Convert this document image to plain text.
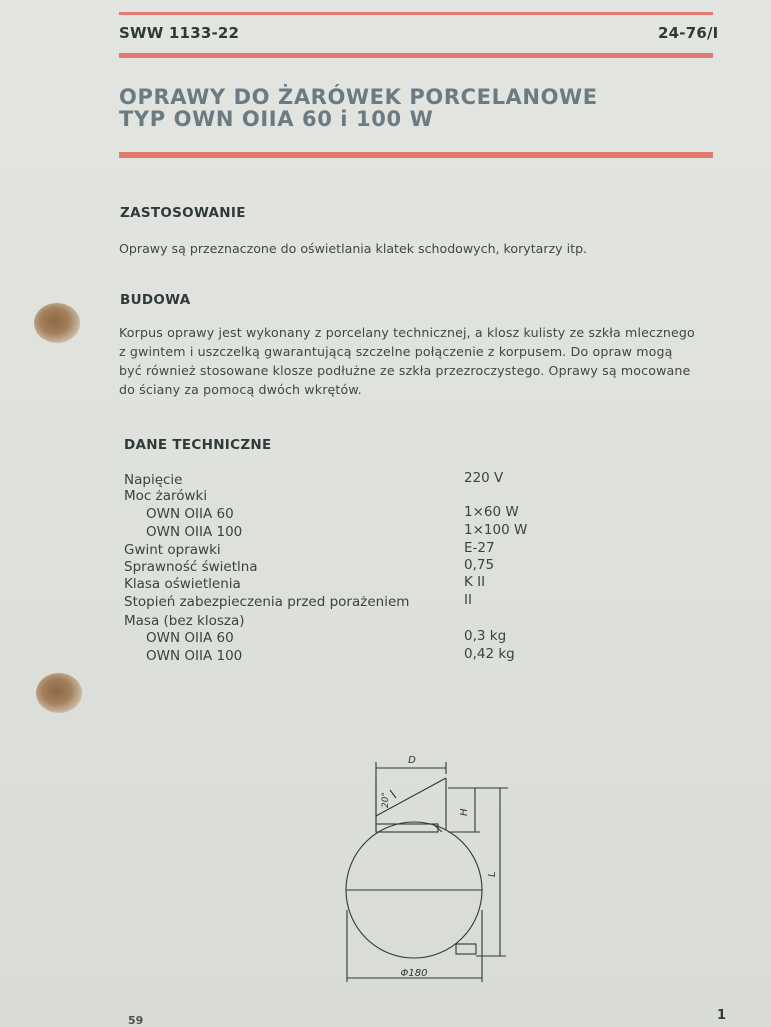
SWW 1133-22	24-76/I
OPRAWY DO ŻARÓWEK PORCELANOWE
TYP OWN OIIA 60 i 100 W
ZASTOSOWANIE
Oprawy są przeznaczone do oświetlania klatek schodowych, korytarzy itp.
BUDOWA
Korpus oprawy jest wykonany z porcelany technicznej, a klosz kulisty ze szkła mlecznego
z gwintem i uszczelką gwarantującą szczelne połączenie z korpusem. Do opraw mogą
być również stosowane klosze podłużne ze szkła przezroczystego. Oprawy są mocowane
do ściany za pomocą dwóch wkrętów.
DANE TECHNICZNE
Napięcie	220 V
Moc żarówki
OWN OIIA 60	1×60 W
OWN OIIA 100	1×100 W
Gwint oprawki	E-27
Sprawność świetlna	0,75
Klasa oświetlenia	K II
Stopień zabezpieczenia przed porażeniem	II
Masa (bez klosza)
OWN OIIA 60	0,3 kg
OWN OIIA 100	0,42 kg
D
20°
H
L
Φ180
59	1
